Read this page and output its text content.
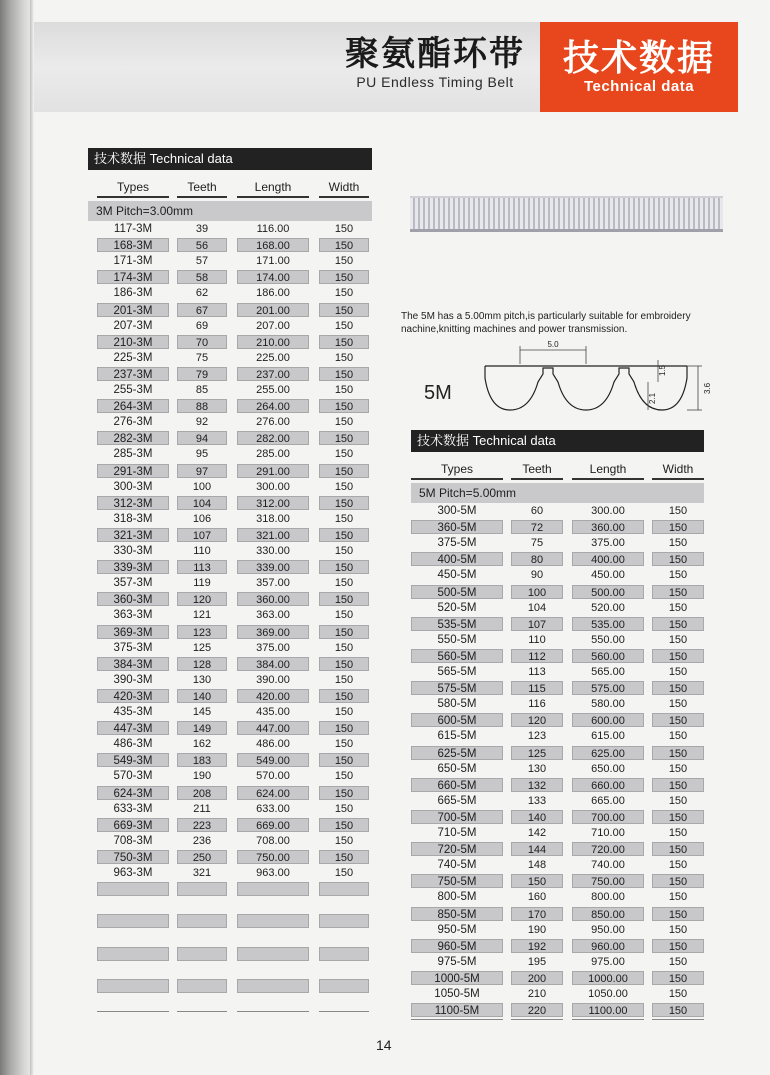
聚氨酯环带
PU Endless Timing Belt
技术数据
Technical data
技术数据 Technical data
Types	Teeth	Length	Width
3M Pitch=3.00mm
117-3M	39	116.00	150
168-3M	56	168.00	150
171-3M	57	171.00	150
174-3M	58	174.00	150
186-3M	62	186.00	150
201-3M	67	201.00	150
207-3M	69	207.00	150
210-3M	70	210.00	150
225-3M	75	225.00	150
237-3M	79	237.00	150
255-3M	85	255.00	150
264-3M	88	264.00	150
276-3M	92	276.00	150
282-3M	94	282.00	150
285-3M	95	285.00	150
291-3M	97	291.00	150
300-3M	100	300.00	150
312-3M	104	312.00	150
318-3M	106	318.00	150
321-3M	107	321.00	150
330-3M	110	330.00	150
339-3M	113	339.00	150
357-3M	119	357.00	150
360-3M	120	360.00	150
363-3M	121	363.00	150
369-3M	123	369.00	150
375-3M	125	375.00	150
384-3M	128	384.00	150
390-3M	130	390.00	150
420-3M	140	420.00	150
435-3M	145	435.00	150
447-3M	149	447.00	150
486-3M	162	486.00	150
549-3M	183	549.00	150
570-3M	190	570.00	150
624-3M	208	624.00	150
633-3M	211	633.00	150
669-3M	223	669.00	150
708-3M	236	708.00	150
750-3M	250	750.00	150
963-3M	321	963.00	150
The 5M has a 5.00mm pitch,is particularly suitable for embroidery nachine,knitting machines and power transmission.
5M
5.0
1.5
2.1
3.6
技术数据 Technical data
Types	Teeth	Length	Width
5M Pitch=5.00mm
300-5M	60	300.00	150
360-5M	72	360.00	150
375-5M	75	375.00	150
400-5M	80	400.00	150
450-5M	90	450.00	150
500-5M	100	500.00	150
520-5M	104	520.00	150
535-5M	107	535.00	150
550-5M	110	550.00	150
560-5M	112	560.00	150
565-5M	113	565.00	150
575-5M	115	575.00	150
580-5M	116	580.00	150
600-5M	120	600.00	150
615-5M	123	615.00	150
625-5M	125	625.00	150
650-5M	130	650.00	150
660-5M	132	660.00	150
665-5M	133	665.00	150
700-5M	140	700.00	150
710-5M	142	710.00	150
720-5M	144	720.00	150
740-5M	148	740.00	150
750-5M	150	750.00	150
800-5M	160	800.00	150
850-5M	170	850.00	150
950-5M	190	950.00	150
960-5M	192	960.00	150
975-5M	195	975.00	150
1000-5M	200	1000.00	150
1050-5M	210	1050.00	150
1100-5M	220	1100.00	150
14
